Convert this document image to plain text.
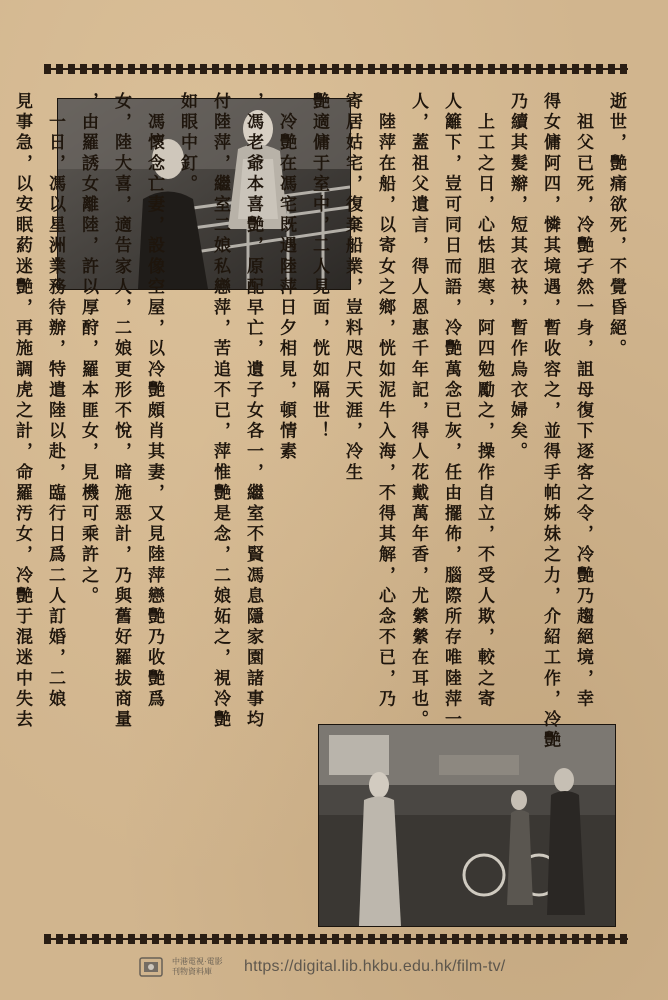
逝世，艷痛欲死，不覺昏絕。
　祖父已死，冷艷孑然一身，詛母復下逐客之令，冷艷乃趨絕境，幸
得女傭阿四，憐其境遇，暫收容之，並得手帕姊妹之力，介紹工作，冷艷
乃續其髮辮，短其衣袂，暫作烏衣婦矣。
　上工之日，心怯胆寒，阿四勉勵之，操作自立，不受人欺，較之寄
人籬下，豈可同日而語，冷艷萬念已灰，任由擺佈，腦際所存唯陸萍一
人，蓋祖父遺言，得人恩惠千年記，得人花戴萬年香，尤縈縈在耳也。
　陸萍在船，以寄女之鄉，恍如泥牛入海，不得其解，心念不已，乃
寄居姑宅，復棄船業，豈料咫尺天涯，冷生
艷適傭于室中，二人見面，恍如隔世！
　冷艷在馮宅既遇陸萍日夕相見，頓情素
，馮老爺本喜艷，原配早亡，遺子女各一，繼室不賢馮息隱家園諸事均
付陸萍，繼室二娘私戀萍，苦追不已，萍惟艷是念，二娘妬之，視冷艷
如眼中釘。
　馮懷念亡妻，設像空屋，以冷艷頗肖其妻，又見陸萍戀艷乃收艷爲
女，陸大喜，適告家人，二娘更形不悅，暗施惡計，乃與舊好羅拔商量
，由羅誘女離陸，許以厚酧，羅本匪女，見機可乘許之。
　一日，馮以星洲業務待辦，特遣陸以赴，臨行日爲二人訂婚，二娘
見事急，以安眠葯迷艷，再施調虎之計，命羅汚女，冷艷于混迷中失去
中港電視·電影
刊物資料庫	https://digital.lib.hkbu.edu.hk/film-tv/
